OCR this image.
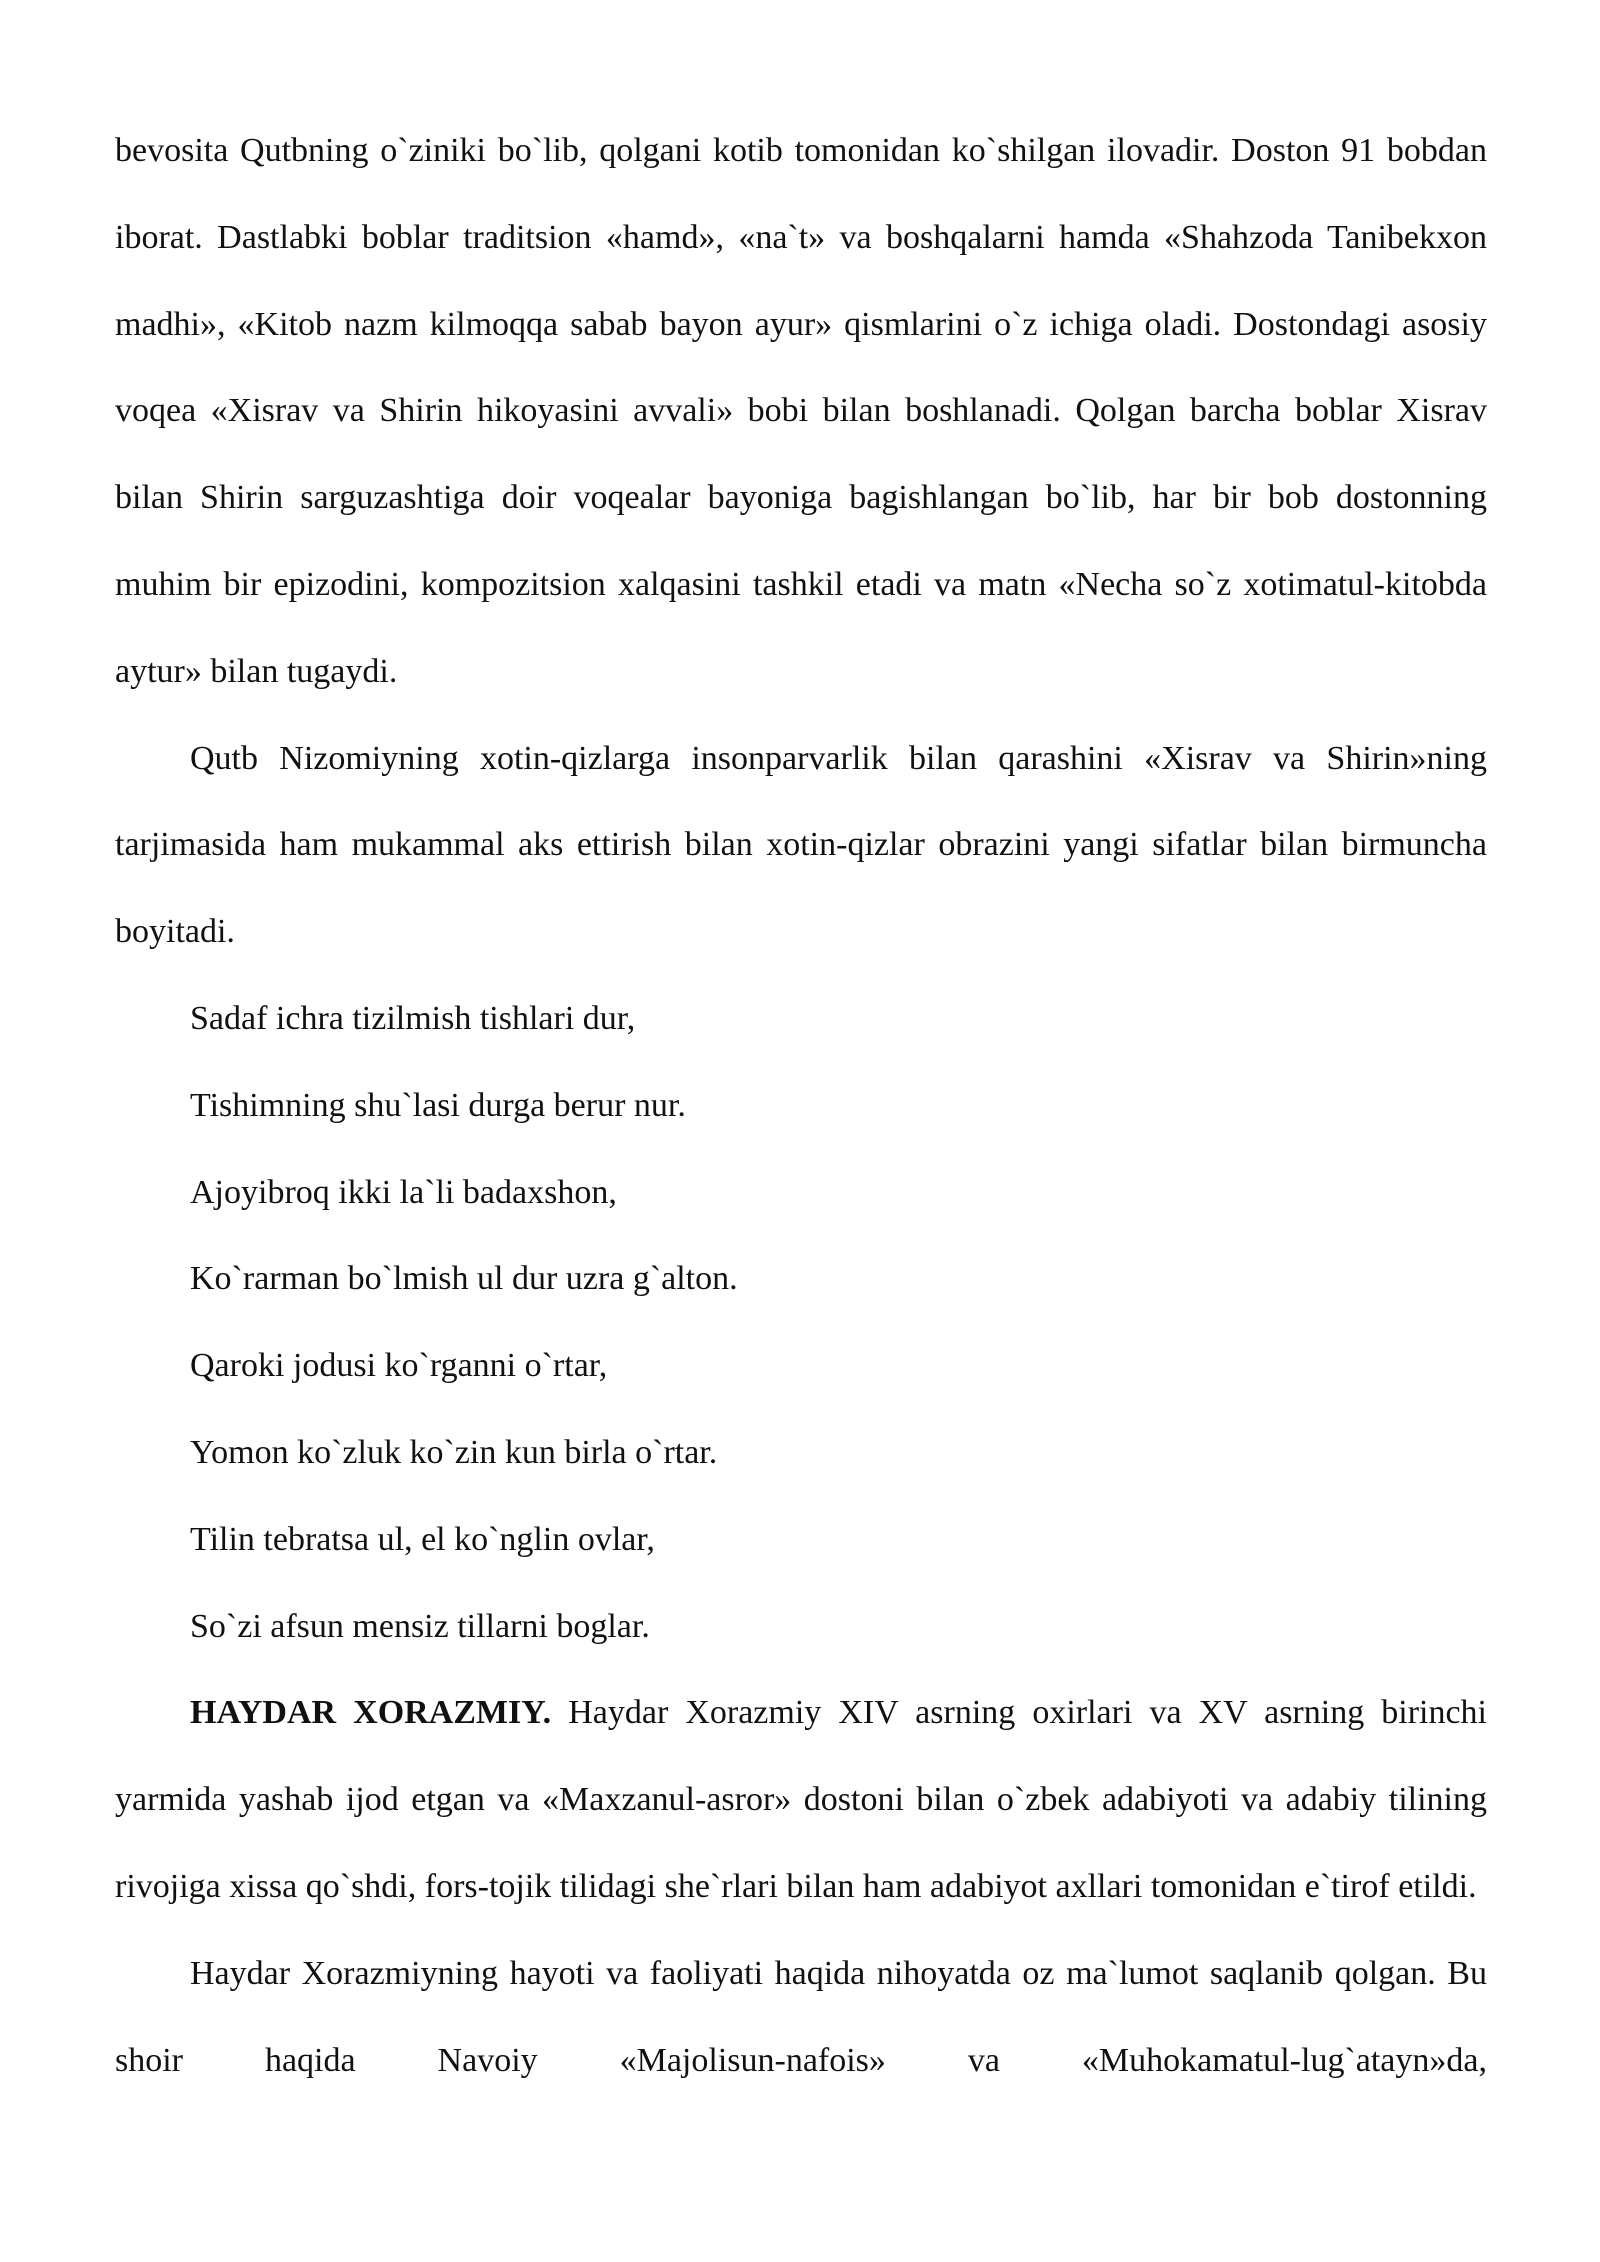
bevosita Qutbning o`ziniki bo`lib, qolgani kotib tomonidan ko`shilgan ilovadir. Doston 91 bobdan iborat. Dastlabki boblar traditsion «hamd», «na`t» va boshqalarni hamda «Shahzoda Tanibekxon madhi», «Kitob nazm kilmoqqa sabab bayon ayur» qismlarini o`z ichiga oladi. Dostondagi asosiy voqea «Xisrav va Shirin hikoyasini avvali» bobi bilan boshlanadi. Qolgan barcha boblar Xisrav bilan Shirin sarguzashtiga doir voqealar bayoniga bagishlangan bo`lib, har bir bob dostonning muhim bir epizodini, kompozitsion xalqasini tashkil etadi va matn «Necha so`z xotimatul-kitobda aytur» bilan tugaydi.

Qutb Nizomiyning xotin-qizlarga insonparvarlik bilan qarashini «Xisrav va Shirin»ning tarjimasida ham mukammal aks ettirish bilan xotin-qizlar obrazini yangi sifatlar bilan birmuncha boyitadi.

Sadaf ichra tizilmish tishlari dur,

Tishimning shu`lasi durga berur nur.

Ajoyibroq ikki la`li badaxshon,

Ko`rarman bo`lmish ul dur uzra g`alton.

Qaroki jodusi ko`rganni o`rtar,

Yomon ko`zluk ko`zin kun birla o`rtar.

Tilin tebratsa ul, el ko`nglin ovlar,

So`zi afsun mensiz tillarni boglar.

HAYDAR XORAZMIY. Haydar Xorazmiy XIV asrning oxirlari va XV asrning birinchi yarmida yashab ijod etgan va «Maxzanul-asror» dostoni bilan o`zbek adabiyoti va adabiy tilining rivojiga xissa qo`shdi, fors-tojik tilidagi she`rlari bilan ham adabiyot axllari tomonidan e`tirof etildi.

Haydar Xorazmiyning hayoti va faoliyati haqida nihoyatda oz ma`lumot saqlanib qolgan. Bu shoir haqida Navoiy «Majolisun-nafois» va «Muhokamatul-lug`atayn»da,
